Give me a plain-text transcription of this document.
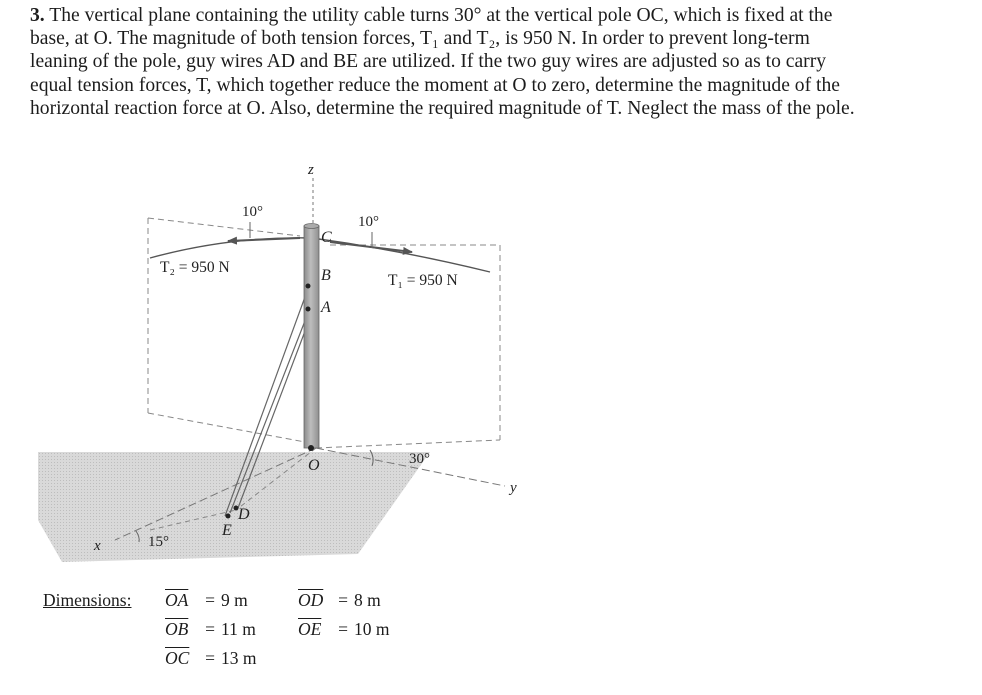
3. The vertical plane containing the utility cable turns 30° at the vertical pole OC, which is fixed at the
base, at O. The magnitude of both tension forces, T₁ and T₂, is 950 N. In order to prevent long-term
leaning of the pole, guy wires AD and BE are utilized. If the two guy wires are adjusted so as to carry
equal tension forces, T, which together reduce the moment at O to zero, determine the magnitude of the
horizontal reaction force at O. Also, determine the required magnitude of T. Neglect the mass of the pole.
z
y
x
C
B
A
O
D
E
10°
10°
30°
15°
T₂ = 950 N
T₁ = 950 N
Dimensions: $\overline{OA} = 9$ m
$\overline{OB} = 11$ m
$\overline{OC} = 13$ m
$\overline{OD} = 8$ m
$\overline{OE} = 10$ m
